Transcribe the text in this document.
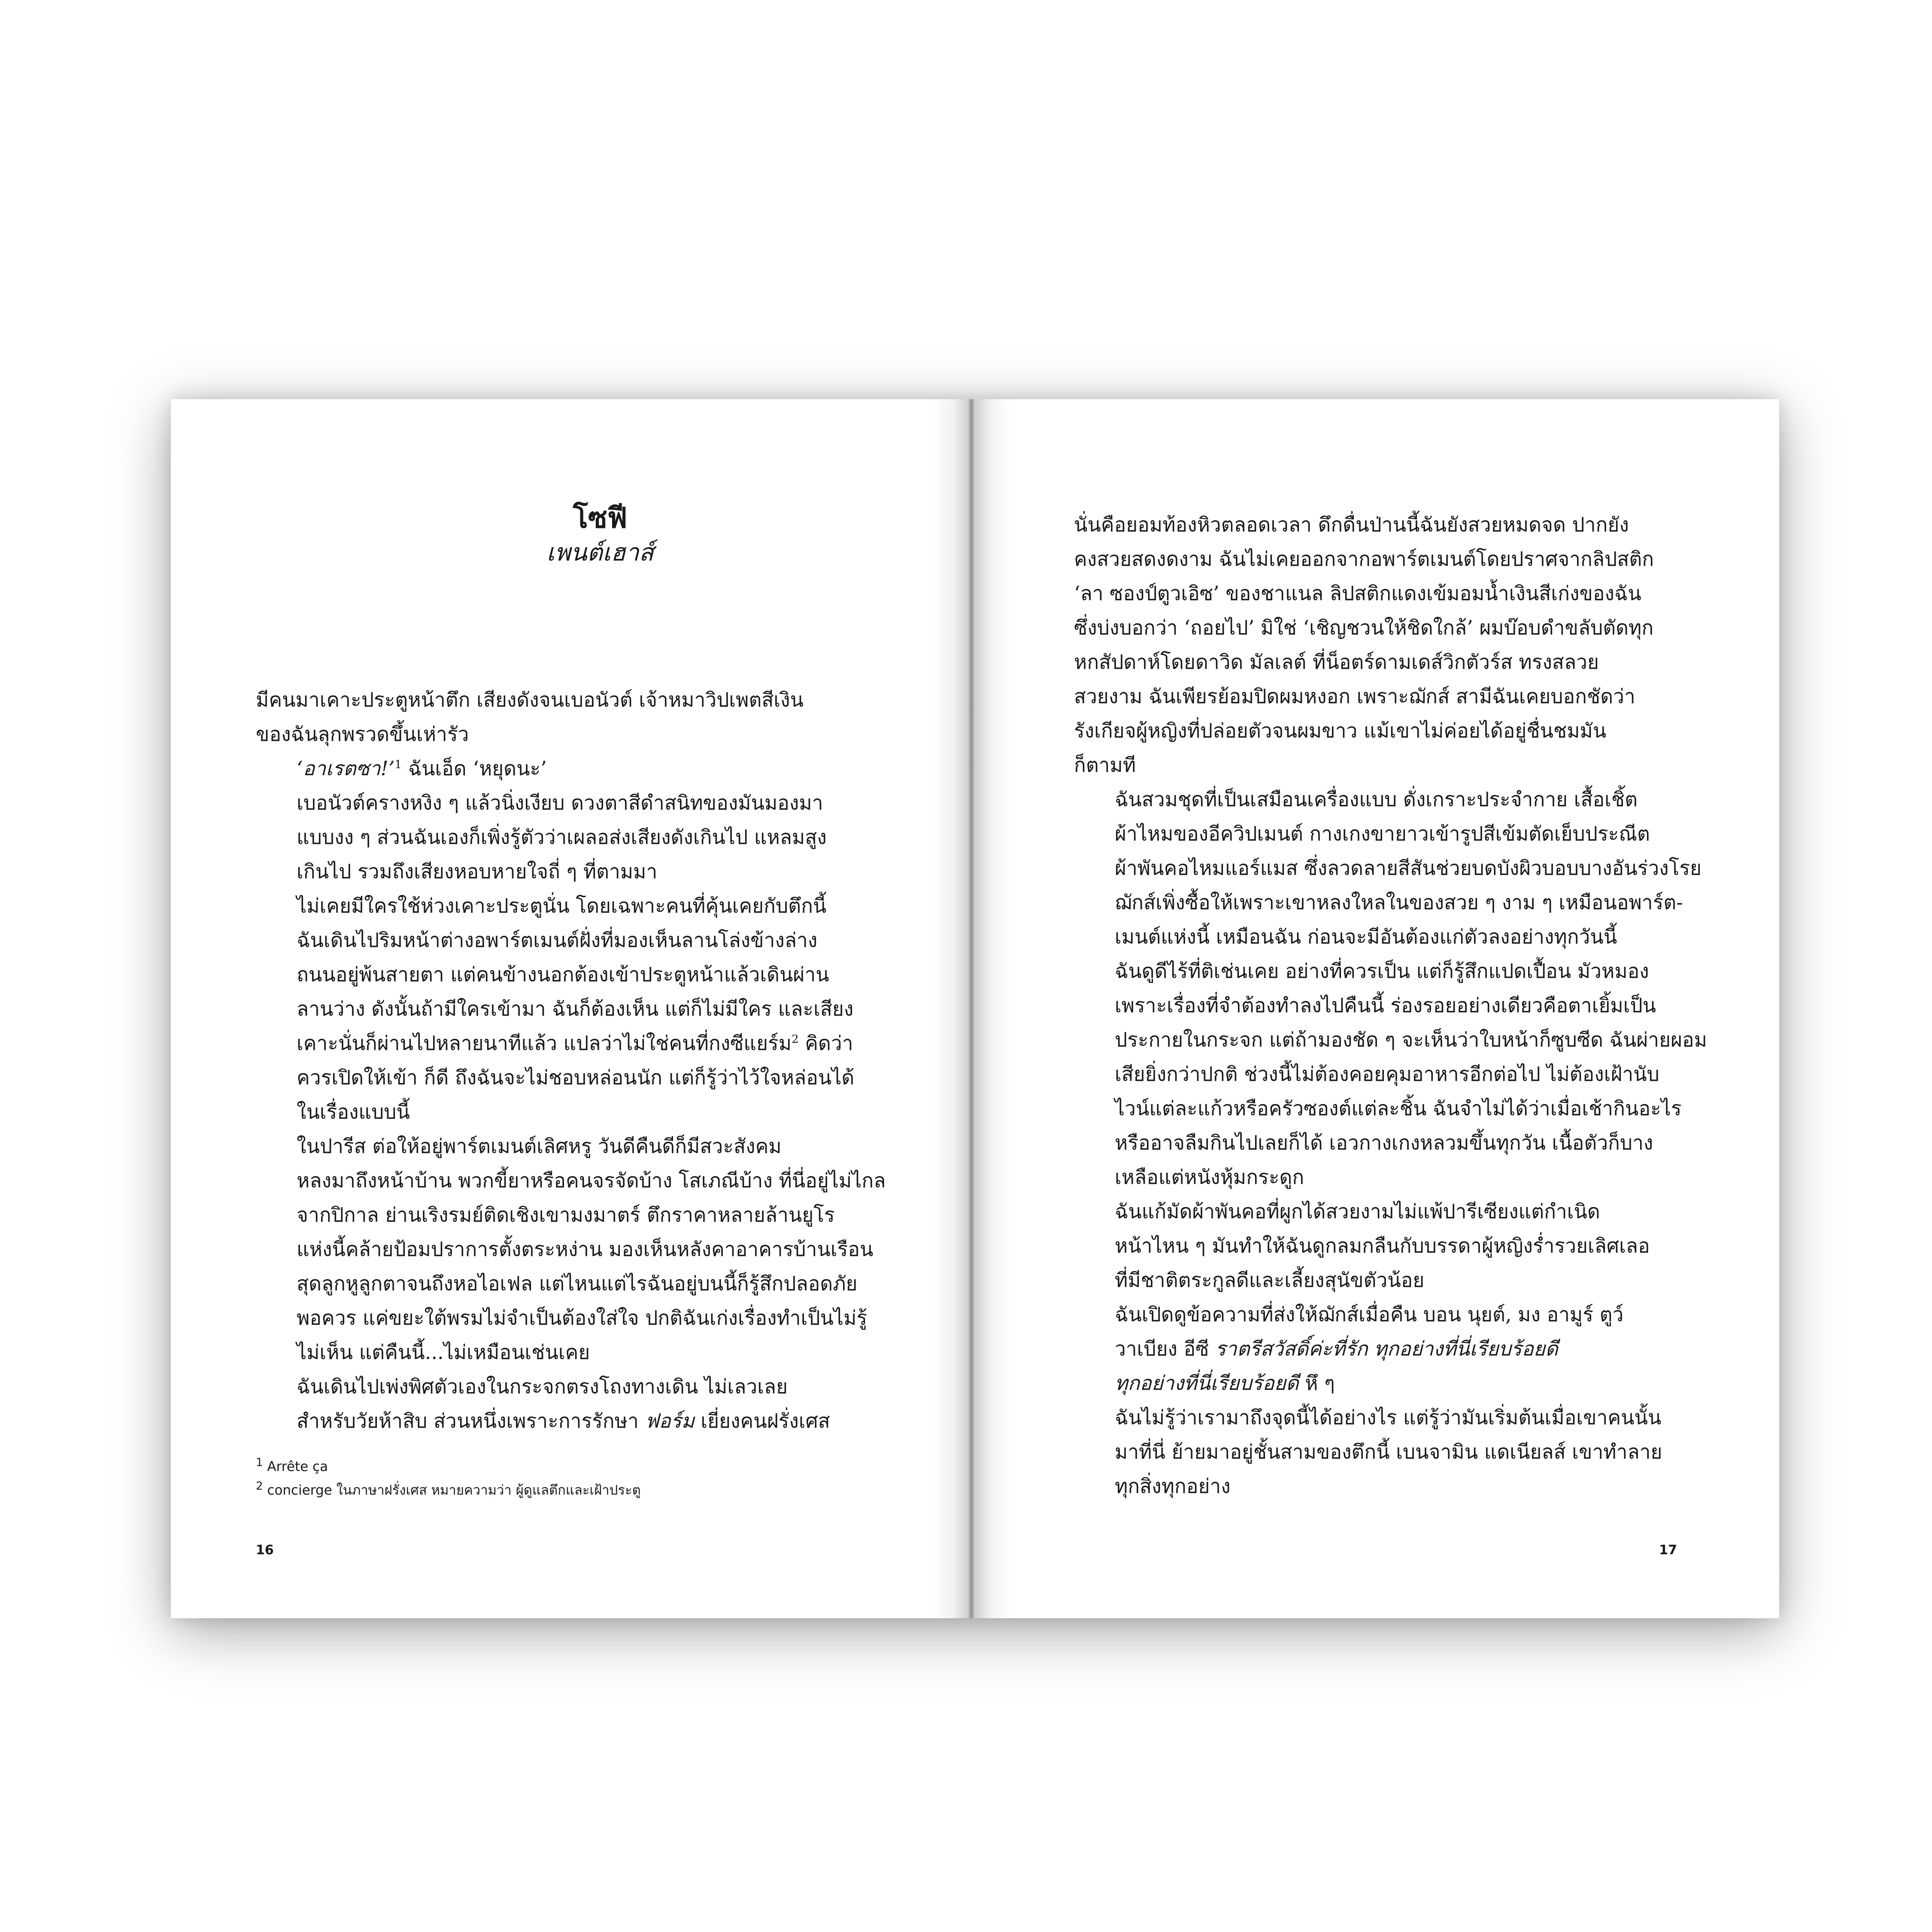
โซฟี
เพนต์เฮาส์

มีคนมาเคาะประตูหน้าตึก เสียงดังจนเบอนัวต์ เจ้าหมาวิปเพตสีเงิน
ของฉันลุกพรวดขึ้นเห่ารัว

‘อาเรตซา!’$^1$ ฉันเอ็ด ‘หยุดนะ’

เบอนัวต์ครางหงิง ๆ แล้วนิ่งเงียบ ดวงตาสีดำสนิทของมันมองมา
แบบงง ๆ ส่วนฉันเองก็เพิ่งรู้ตัวว่าเผลอส่งเสียงดังเกินไป แหลมสูง
เกินไป รวมถึงเสียงหอบหายใจถี่ ๆ ที่ตามมา

ไม่เคยมีใครใช้ห่วงเคาะประตูนั่น โดยเฉพาะคนที่คุ้นเคยกับตึกนี้
ฉันเดินไปริมหน้าต่างอพาร์ตเมนต์ฝั่งที่มองเห็นลานโล่งข้างล่าง
ถนนอยู่พ้นสายตา แต่คนข้างนอกต้องเข้าประตูหน้าแล้วเดินผ่าน
ลานว่าง ดังนั้นถ้ามีใครเข้ามา ฉันก็ต้องเห็น แต่ก็ไม่มีใคร และเสียง
เคาะนั่นก็ผ่านไปหลายนาทีแล้ว แปลว่าไม่ใช่คนที่กงซีแยร์ม$^2$ คิดว่า
ควรเปิดให้เข้า ก็ดี ถึงฉันจะไม่ชอบหล่อนนัก แต่ก็รู้ว่าไว้ใจหล่อนได้
ในเรื่องแบบนี้

ในปารีส ต่อให้อยู่พาร์ตเมนต์เลิศหรู วันดีคืนดีก็มีสวะสังคม
หลงมาถึงหน้าบ้าน พวกขี้ยาหรือคนจรจัดบ้าง โสเภณีบ้าง ที่นี่อยู่ไม่ไกล
จากปิกาล ย่านเริงรมย์ติดเชิงเขามงมาตร์ ตึกราคาหลายล้านยูโร
แห่งนี้คล้ายป้อมปราการตั้งตระหง่าน มองเห็นหลังคาอาคารบ้านเรือน
สุดลูกหูลูกตาจนถึงหอไอเฟล แต่ไหนแต่ไรฉันอยู่บนนี้ก็รู้สึกปลอดภัย
พอควร แค่ขยะใต้พรมไม่จำเป็นต้องใส่ใจ ปกติฉันเก่งเรื่องทำเป็นไม่รู้
ไม่เห็น แต่คืนนี้...ไม่เหมือนเช่นเคย

ฉันเดินไปเพ่งพิศตัวเองในกระจกตรงโถงทางเดิน ไม่เลวเลย
สำหรับวัยห้าสิบ ส่วนหนึ่งเพราะการรักษา ฟอร์ม เยี่ยงคนฝรั่งเศส

$^1$ Arrête ça
$^2$ concierge ในภาษาฝรั่งเศส หมายความว่า ผู้ดูแลตึกและเฝ้าประตู
16

นั่นคือยอมท้องหิวตลอดเวลา ดึกดื่นป่านนี้ฉันยังสวยหมดจด ปากยัง
คงสวยสดงดงาม ฉันไม่เคยออกจากอพาร์ตเมนต์โดยปราศจากลิปสติก
‘ลา ซองป์ตูวเอิซ’ ของชาแนล ลิปสติกแดงเข้มอมน้ำเงินสีเก่งของฉัน
ซึ่งบ่งบอกว่า ‘ถอยไป’ มิใช่ ‘เชิญชวนให้ชิดใกล้’ ผมบ๊อบดำขลับตัดทุก
หกสัปดาห์โดยดาวิด มัลเลต์ ที่น็อตร์ดามเดส์วิกตัวร์ส ทรงสลวย
สวยงาม ฉันเพียรย้อมปิดผมหงอก เพราะฌักส์ สามีฉันเคยบอกชัดว่า
รังเกียจผู้หญิงที่ปล่อยตัวจนผมขาว แม้เขาไม่ค่อยได้อยู่ชื่นชมมัน
ก็ตามที

ฉันสวมชุดที่เป็นเสมือนเครื่องแบบ ดั่งเกราะประจำกาย เสื้อเชิ้ต
ผ้าไหมของอีควิปเมนต์ กางเกงขายาวเข้ารูปสีเข้มตัดเย็บประณีต
ผ้าพันคอไหมแอร์แมส ซึ่งลวดลายสีสันช่วยบดบังผิวบอบบางอันร่วงโรย
ฌักส์เพิ่งซื้อให้เพราะเขาหลงใหลในของสวย ๆ งาม ๆ เหมือนอพาร์ต-
เมนต์แห่งนี้ เหมือนฉัน ก่อนจะมีอันต้องแก่ตัวลงอย่างทุกวันนี้

ฉันดูดีไร้ที่ติเช่นเคย อย่างที่ควรเป็น แต่ก็รู้สึกแปดเปื้อน มัวหมอง
เพราะเรื่องที่จำต้องทำลงไปคืนนี้ ร่องรอยอย่างเดียวคือตาเยิ้มเป็น
ประกายในกระจก แต่ถ้ามองชัด ๆ จะเห็นว่าใบหน้าก็ซูบซีด ฉันผ่ายผอม
เสียยิ่งกว่าปกติ ช่วงนี้ไม่ต้องคอยคุมอาหารอีกต่อไป ไม่ต้องเฝ้านับ
ไวน์แต่ละแก้วหรือครัวซองต์แต่ละชิ้น ฉันจำไม่ได้ว่าเมื่อเช้ากินอะไร
หรืออาจลืมกินไปเลยก็ได้ เอวกางเกงหลวมขึ้นทุกวัน เนื้อตัวก็บาง
เหลือแต่หนังหุ้มกระดูก

ฉันแก้มัดผ้าพันคอที่ผูกได้สวยงามไม่แพ้ปารีเซียงแต่กำเนิด
หน้าไหน ๆ มันทำให้ฉันดูกลมกลืนกับบรรดาผู้หญิงร่ำรวยเลิศเลอ
ที่มีชาติตระกูลดีและเลี้ยงสุนัขตัวน้อย

ฉันเปิดดูข้อความที่ส่งให้ฌักส์เมื่อคืน บอน นุยต์, มง อามูร์ ตูว์
วาเบียง อีซี ราตรีสวัสดิ์ค่ะที่รัก ทุกอย่างที่นี่เรียบร้อยดี

ทุกอย่างที่นี่เรียบร้อยดี หึ ๆ

ฉันไม่รู้ว่าเรามาถึงจุดนี้ได้อย่างไร แต่รู้ว่ามันเริ่มต้นเมื่อเขาคนนั้น
มาที่นี่ ย้ายมาอยู่ชั้นสามของตึกนี้ เบนจามิน แดเนียลส์ เขาทำลาย
ทุกสิ่งทุกอย่าง

17
